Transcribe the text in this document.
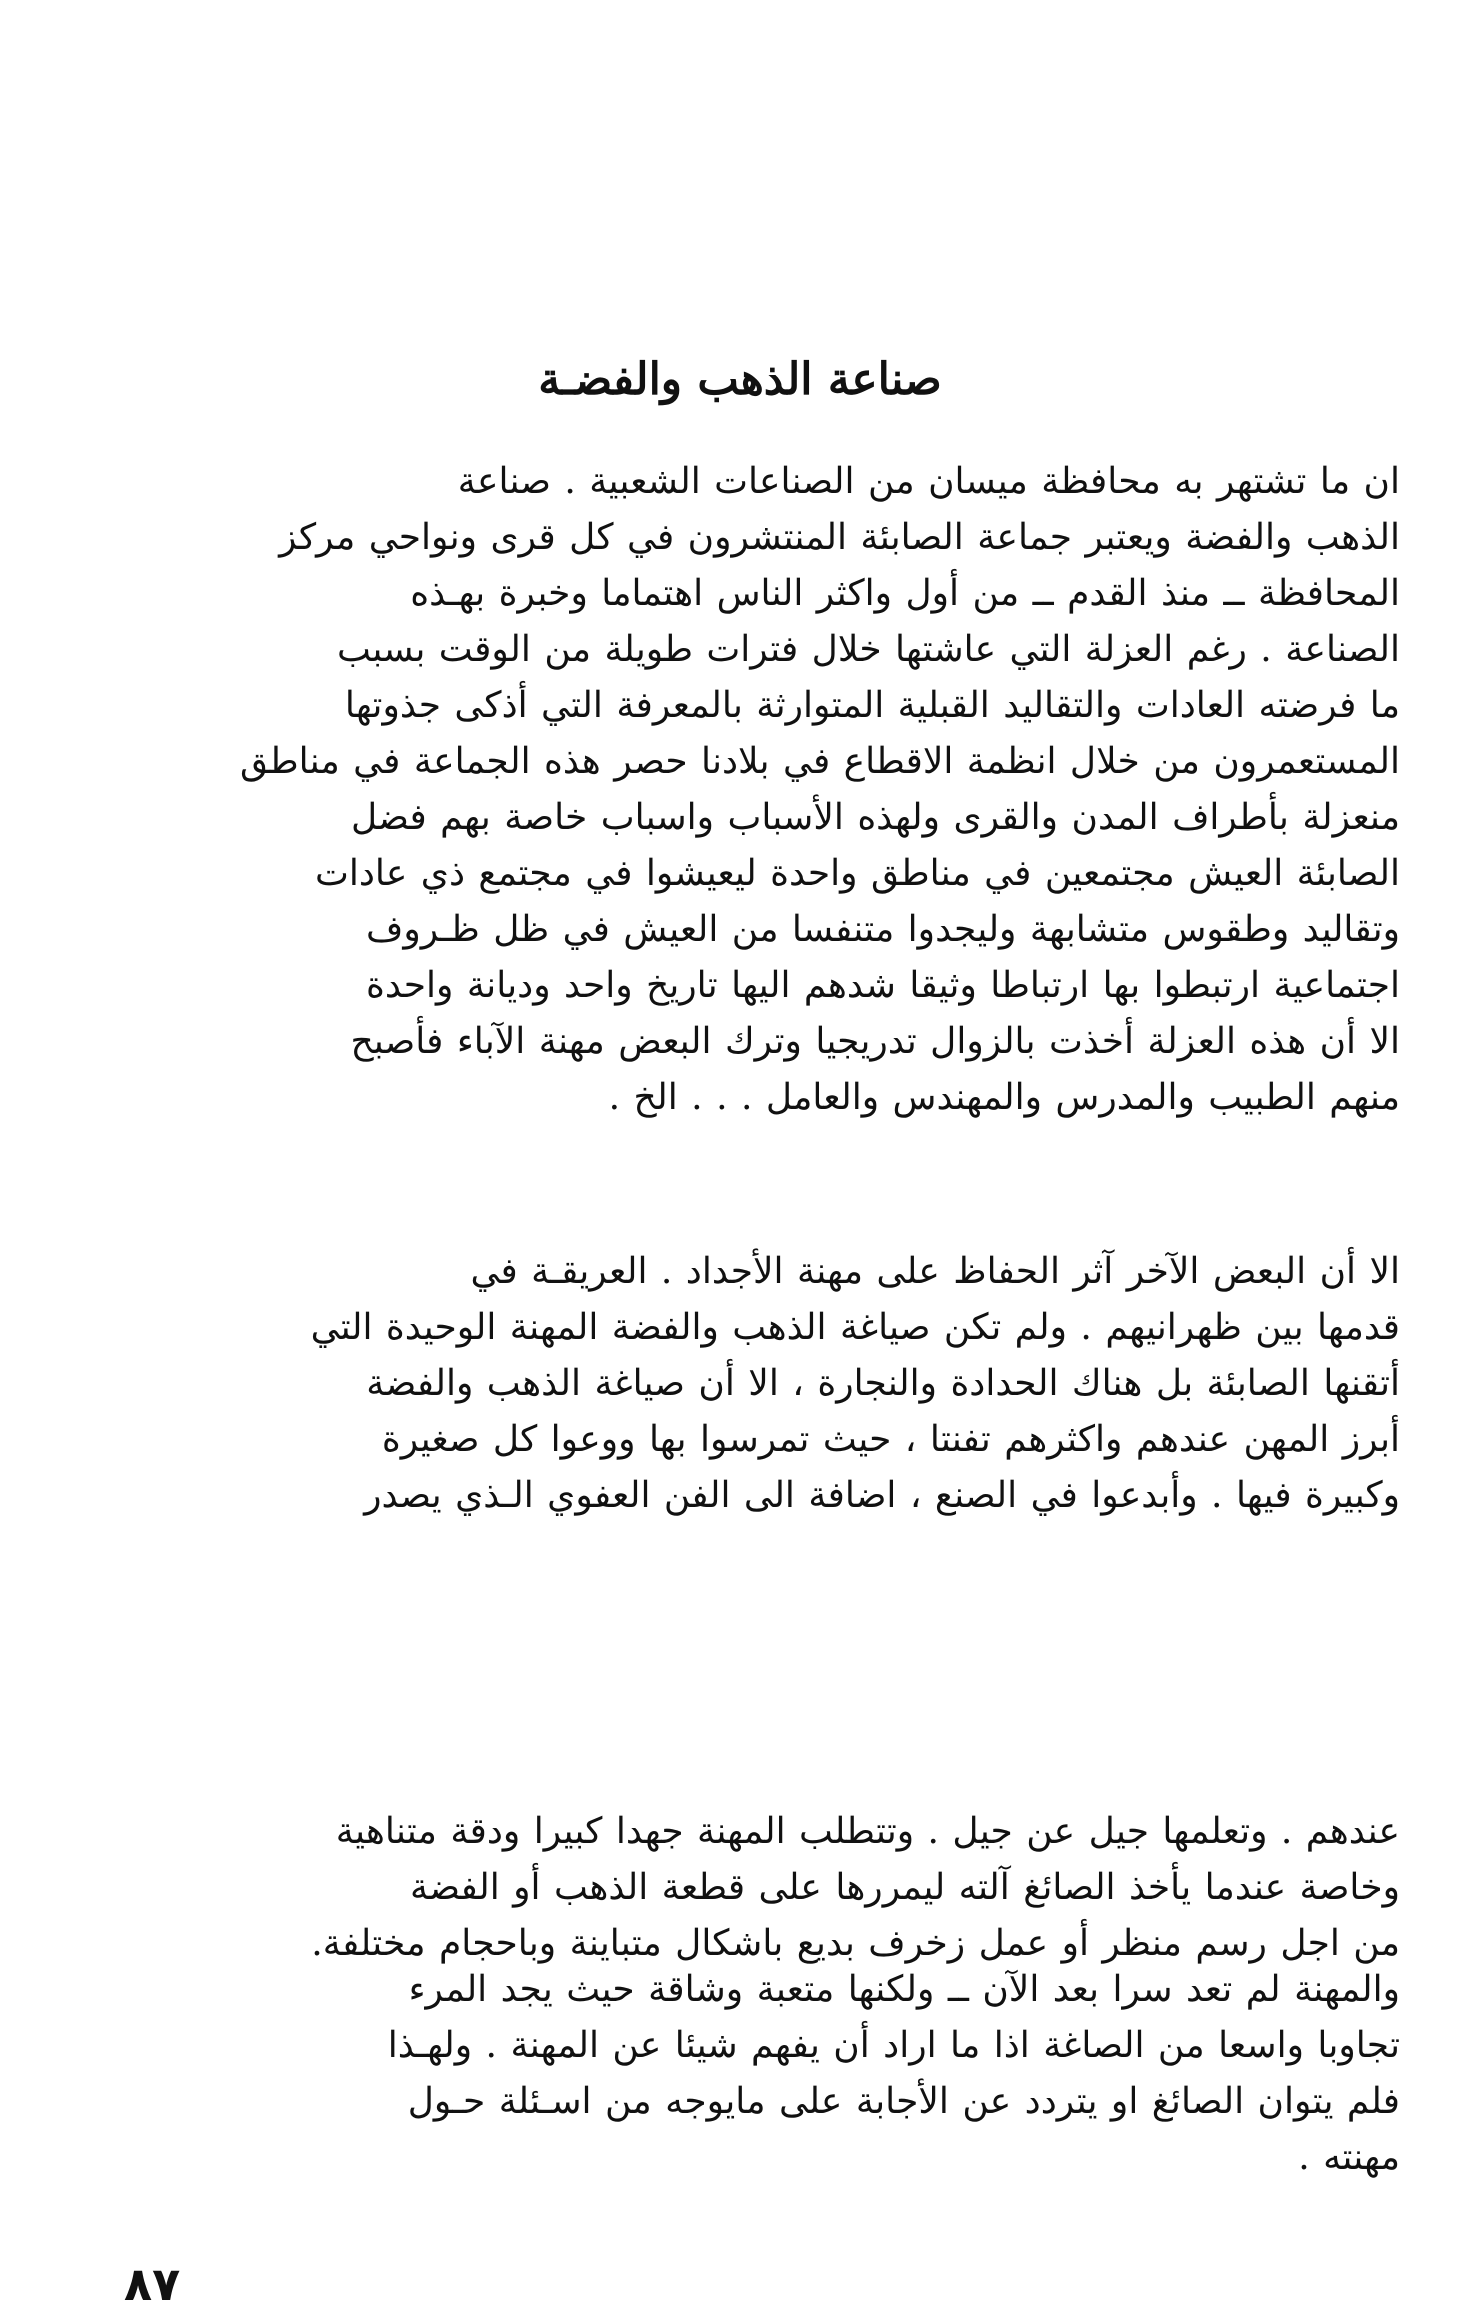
صناعة الذهب والفضـة
ان ما تشتهر به محافظة ميسان من الصناعات الشعبية . صناعة
الذهب والفضة ويعتبر جماعة الصابئة المنتشرون في كل قرى ونواحي مركز
المحافظة ــ منذ القدم ــ من أول واكثر الناس اهتماما وخبرة بهـذه
الصناعة . رغم العزلة التي عاشتها خلال فترات طويلة من الوقت بسبب
ما فرضته العادات والتقاليد القبلية المتوارثة بالمعرفة التي أذكى جذوتها
المستعمرون من خلال انظمة الاقطاع في بلادنا حصر هذه الجماعة في مناطق
منعزلة بأطراف المدن والقرى ولهذه الأسباب واسباب خاصة بهم فضل
الصابئة العيش مجتمعين في مناطق واحدة ليعيشوا في مجتمع ذي عادات
وتقاليد وطقوس متشابهة وليجدوا متنفسا من العيش في ظل ظـروف
اجتماعية ارتبطوا بها ارتباطا وثيقا شدهم اليها تاريخ واحد وديانة واحدة
الا أن هذه العزلة أخذت بالزوال تدريجيا وترك البعض مهنة الآباء فأصبح
منهم الطبيب والمدرس والمهندس والعامل . . . الخ .
الا أن البعض الآخر آثر الحفاظ على مهنة الأجداد . العريقـة في
قدمها بين ظهرانيهم . ولم تكن صياغة الذهب والفضة المهنة الوحيدة التي
أتقنها الصابئة بل هناك الحدادة والنجارة ، الا أن صياغة الذهب والفضة
أبرز المهن عندهم واكثرهم تفنتا ، حيث تمرسوا بها ووعوا كل صغيرة
وكبيرة فيها . وأبدعوا في الصنع ، اضافة الى الفن العفوي الـذي يصدر
عندهم . وتعلمها جيل عن جيل . وتتطلب المهنة جهدا كبيرا ودقة متناهية
وخاصة عندما يأخذ الصائغ آلته ليمررها على قطعة الذهب أو الفضة
من اجل رسم منظر أو عمل زخرف بديع باشكال متباينة وباحجام مختلفة.
والمهنة لم تعد سرا بعد الآن ــ ولكنها متعبة وشاقة حيث يجد المرء
تجاوبا واسعا من الصاغة اذا ما اراد أن يفهم شيئا عن المهنة . ولهـذا
فلم يتوان الصائغ او يتردد عن الأجابة على مايوجه من اسـئلة حـول
مهنته .
٨٧
